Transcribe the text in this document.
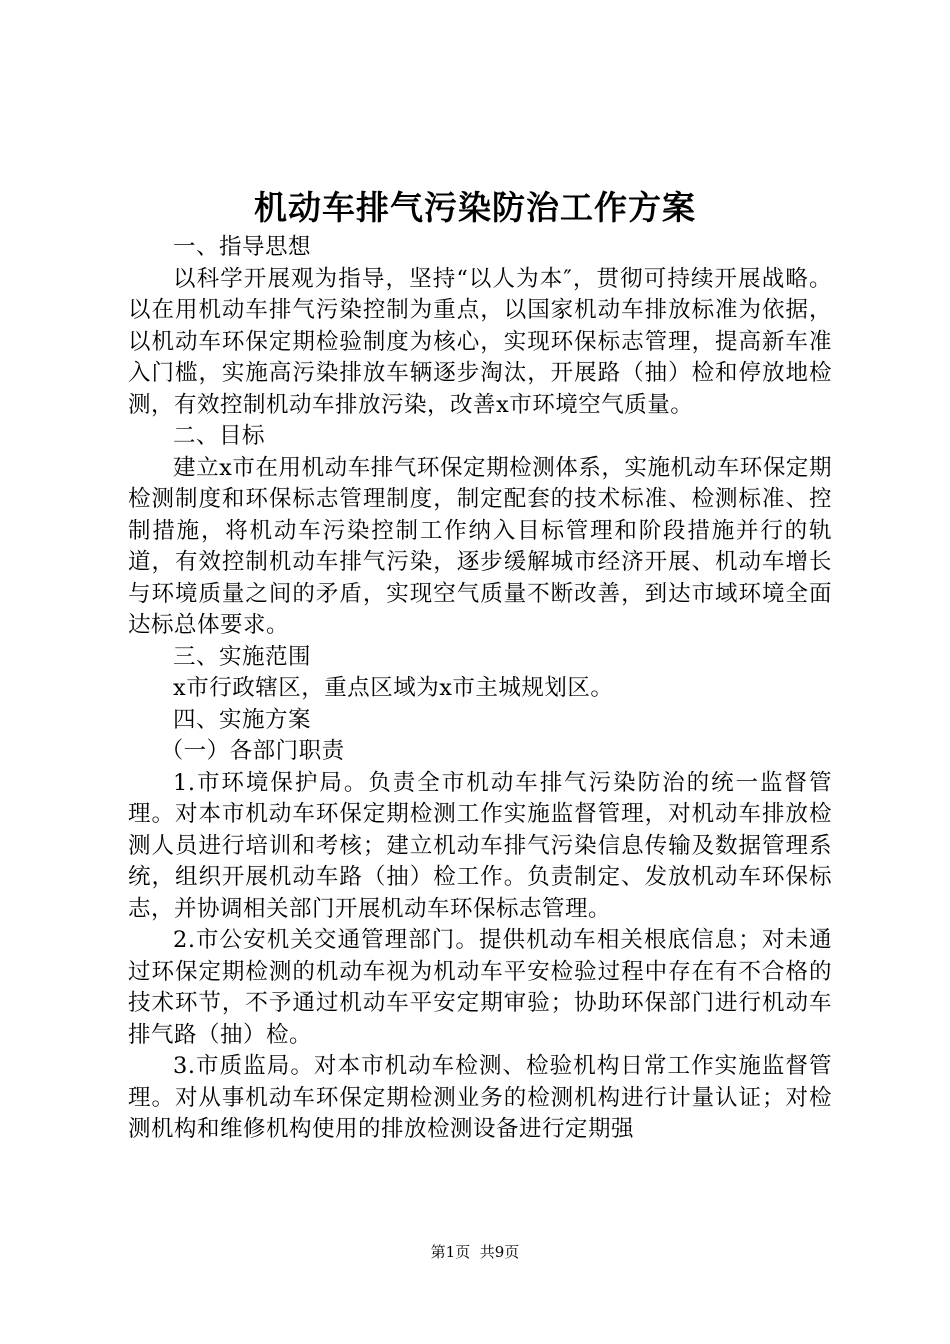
机动车排气污染防治工作方案

一、指导思想

以科学开展观为指导，坚持“以人为本″，贯彻可持续开展战略。以在用机动车排气污染控制为重点，以国家机动车排放标准为依据，以机动车环保定期检验制度为核心，实现环保标志管理，提高新车准入门槛，实施高污染排放车辆逐步淘汰，开展路（抽）检和停放地检测，有效控制机动车排放污染，改善x市环境空气质量。

二、目标

建立x市在用机动车排气环保定期检测体系，实施机动车环保定期检测制度和环保标志管理制度，制定配套的技术标准、检测标准、控制措施，将机动车污染控制工作纳入目标管理和阶段措施并行的轨道，有效控制机动车排气污染，逐步缓解城市经济开展、机动车增长与环境质量之间的矛盾，实现空气质量不断改善，到达市域环境全面达标总体要求。

三、实施范围

x市行政辖区，重点区域为x市主城规划区。

四、实施方案

（一）各部门职责

1.市环境保护局。负责全市机动车排气污染防治的统一监督管理。对本市机动车环保定期检测工作实施监督管理，对机动车排放检测人员进行培训和考核；建立机动车排气污染信息传输及数据管理系统，组织开展机动车路（抽）检工作。负责制定、发放机动车环保标志，并协调相关部门开展机动车环保标志管理。

2.市公安机关交通管理部门。提供机动车相关根底信息；对未通过环保定期检测的机动车视为机动车平安检验过程中存在有不合格的技术环节，不予通过机动车平安定期审验；协助环保部门进行机动车排气路（抽）检。

3.市质监局。对本市机动车检测、检验机构日常工作实施监督管理。对从事机动车环保定期检测业务的检测机构进行计量认证；对检测机构和维修机构使用的排放检测设备进行定期强

第1页 共9页
